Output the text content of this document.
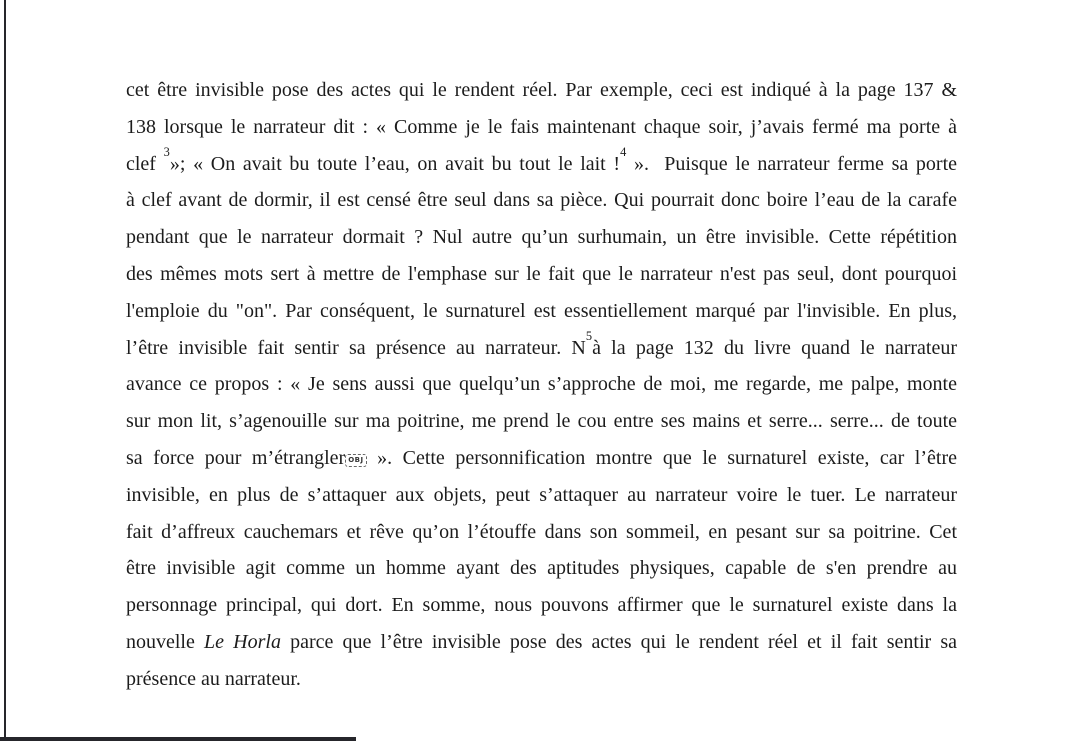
cet être invisible pose des actes qui le rendent réel. Par exemple, ceci est indiqué à la page 137 &
138 lorsque le narrateur dit : « Comme je le fais maintenant chaque soir, j’avais fermé ma porte à
clef $^3$»; « On avait bu toute l’eau, on avait bu tout le lait !$^4$ ».  Puisque le narrateur ferme sa porte
à clef avant de dormir, il est censé être seul dans sa pièce. Qui pourrait donc boire l’eau de la carafe
pendant que le narrateur dormait ? Nul autre qu’un surhumain, un être invisible. Cette répétition
des mêmes mots sert à mettre de l'emphase sur le fait que le narrateur n'est pas seul, dont pourquoi
l'emploie du "on". Par conséquent, le surnaturel est essentiellement marqué par l'invisible. En plus,
l’être invisible fait sentir sa présence au narrateur. $N^5à$ la page 132 du livre quand le narrateur
avance ce propos : « Je sens aussi que quelqu’un s’approche de moi, me regarde, me palpe, monte
sur mon lit, s’agenouille sur ma poitrine, me prend le cou entre ses mains et serre... serre... de toute
sa force pour m’étrangler OBJ ». Cette personnification montre que le surnaturel existe, car l’être
invisible, en plus de s’attaquer aux objets, peut s’attaquer au narrateur voire le tuer. Le narrateur
fait d’affreux cauchemars et rêve qu’on l’étouffe dans son sommeil, en pesant sur sa poitrine. Cet
être invisible agit comme un homme ayant des aptitudes physiques, capable de s'en prendre au
personnage principal, qui dort. En somme, nous pouvons affirmer que le surnaturel existe dans la
nouvelle Le Horla parce que l’être invisible pose des actes qui le rendent réel et il fait sentir sa
présence au narrateur.
